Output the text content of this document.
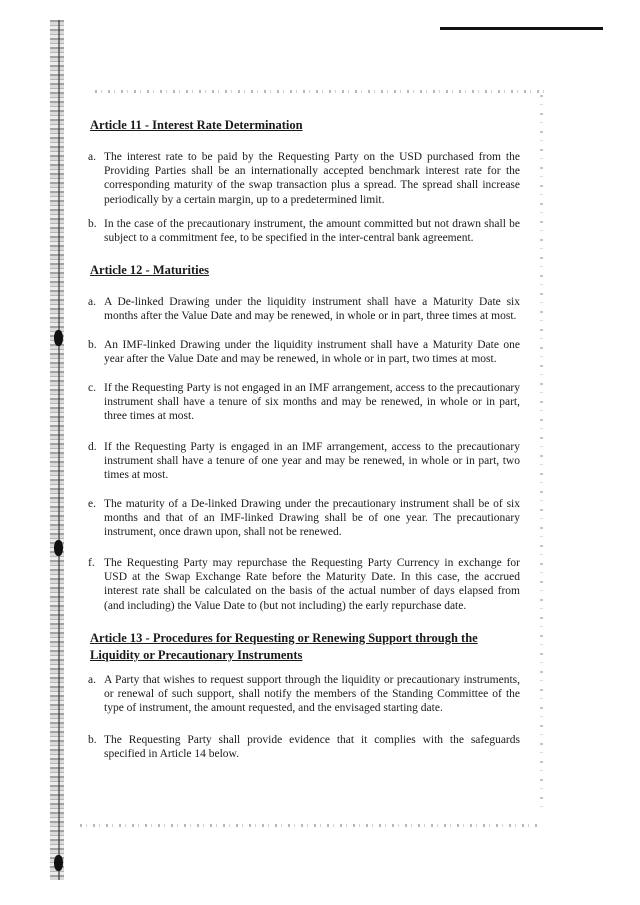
Article 11 - Interest Rate Determination
a. The interest rate to be paid by the Requesting Party on the USD purchased from the Providing Parties shall be an internationally accepted benchmark interest rate for the corresponding maturity of the swap transaction plus a spread. The spread shall increase periodically by a certain margin, up to a predetermined limit.
b. In the case of the precautionary instrument, the amount committed but not drawn shall be subject to a commitment fee, to be specified in the inter-central bank agreement.
Article 12 - Maturities
a. A De-linked Drawing under the liquidity instrument shall have a Maturity Date six months after the Value Date and may be renewed, in whole or in part, three times at most.
b. An IMF-linked Drawing under the liquidity instrument shall have a Maturity Date one year after the Value Date and may be renewed, in whole or in part, two times at most.
c. If the Requesting Party is not engaged in an IMF arrangement, access to the precautionary instrument shall have a tenure of six months and may be renewed, in whole or in part, three times at most.
d. If the Requesting Party is engaged in an IMF arrangement, access to the precautionary instrument shall have a tenure of one year and may be renewed, in whole or in part, two times at most.
e. The maturity of a De-linked Drawing under the precautionary instrument shall be of six months and that of an IMF-linked Drawing shall be of one year. The precautionary instrument, once drawn upon, shall not be renewed.
f. The Requesting Party may repurchase the Requesting Party Currency in exchange for USD at the Swap Exchange Rate before the Maturity Date. In this case, the accrued interest rate shall be calculated on the basis of the actual number of days elapsed from (and including) the Value Date to (but not including) the early repurchase date.
Article 13 - Procedures for Requesting or Renewing Support through the Liquidity or Precautionary Instruments
a. A Party that wishes to request support through the liquidity or precautionary instruments, or renewal of such support, shall notify the members of the Standing Committee of the type of instrument, the amount requested, and the envisaged starting date.
b. The Requesting Party shall provide evidence that it complies with the safeguards specified in Article 14 below.
